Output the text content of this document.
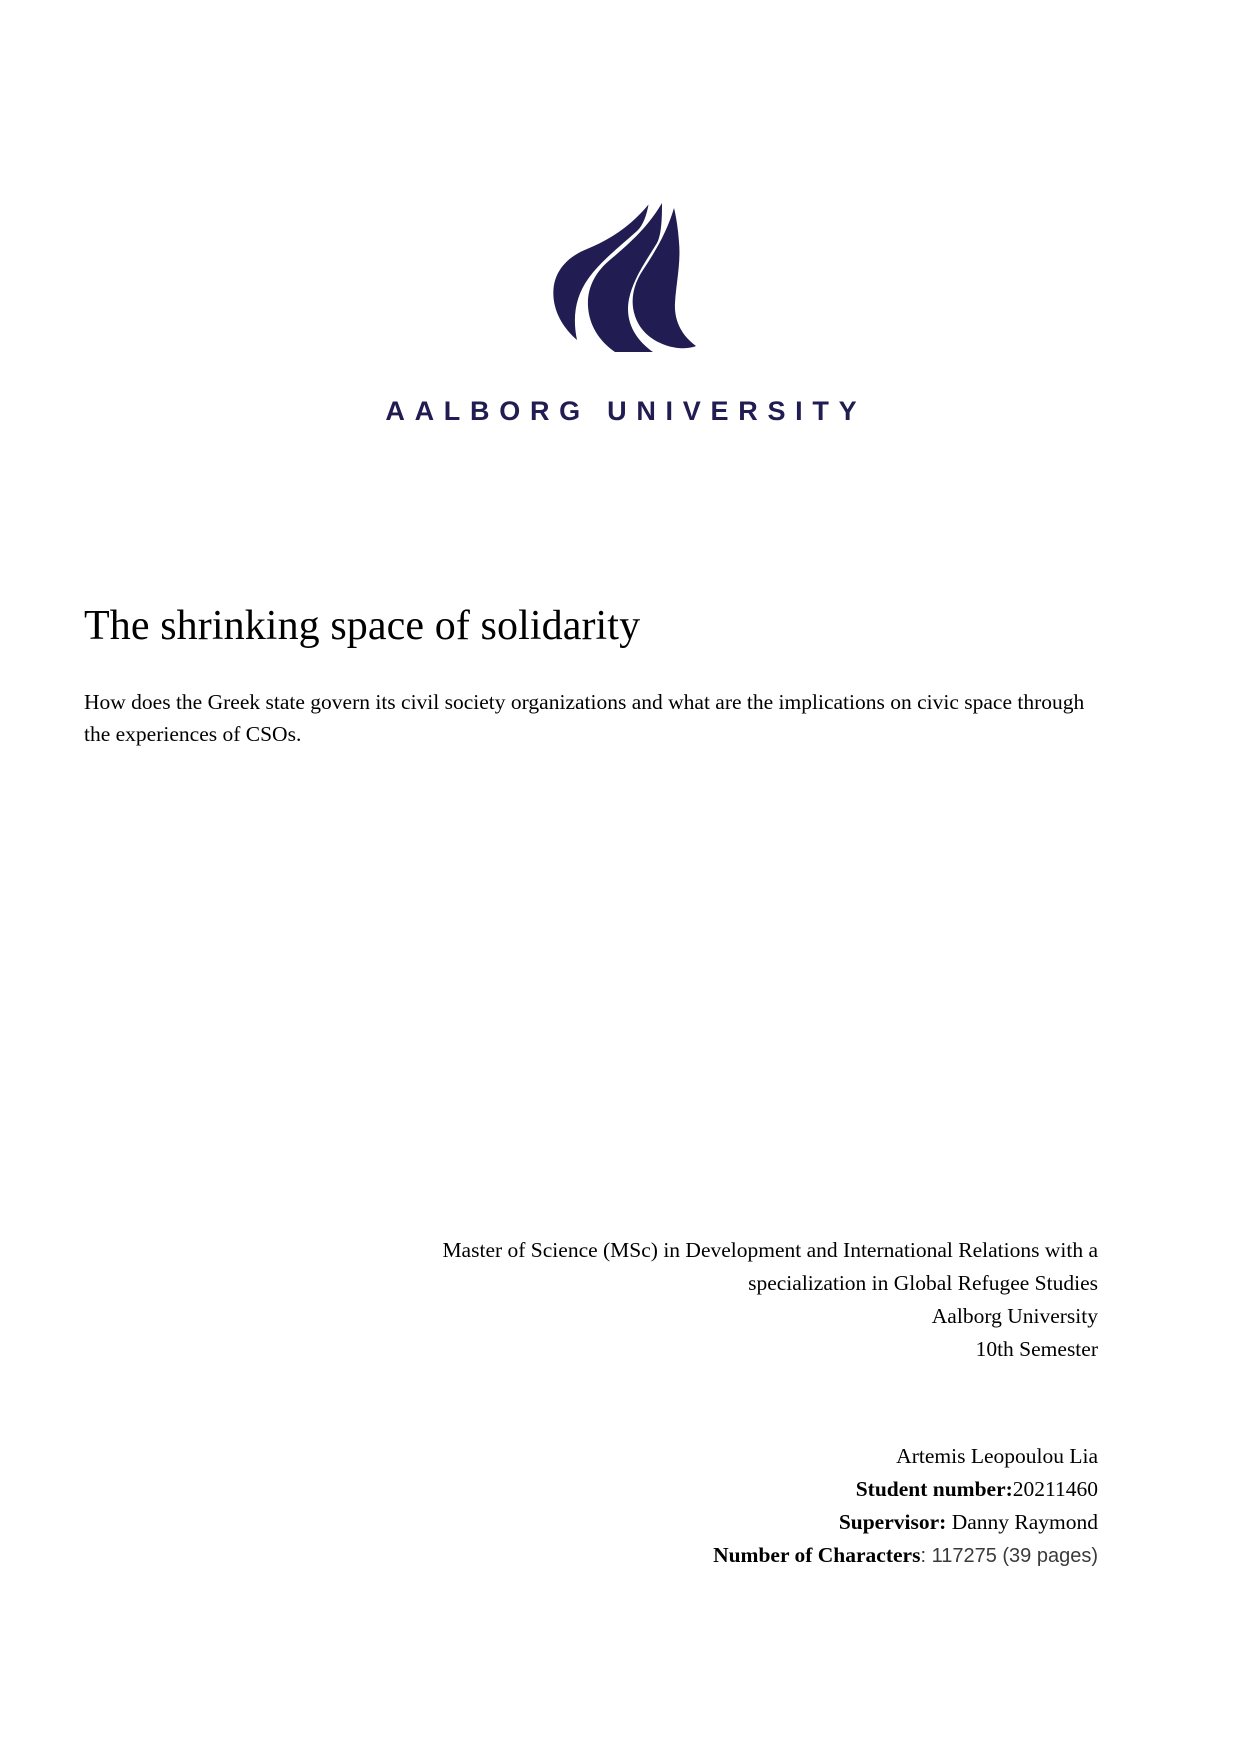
AALBORG UNIVERSITY
The shrinking space of solidarity

How does the Greek state govern its civil society organizations and what are the implications on civic space through the experiences of CSOs.

Master of Science (MSc) in Development and International Relations with a
specialization in Global Refugee Studies
Aalborg University
10th Semester
Artemis Leopoulou Lia
Student number:20211460
Supervisor: Danny Raymond
Number of Characters: 117275 (39 pages)
